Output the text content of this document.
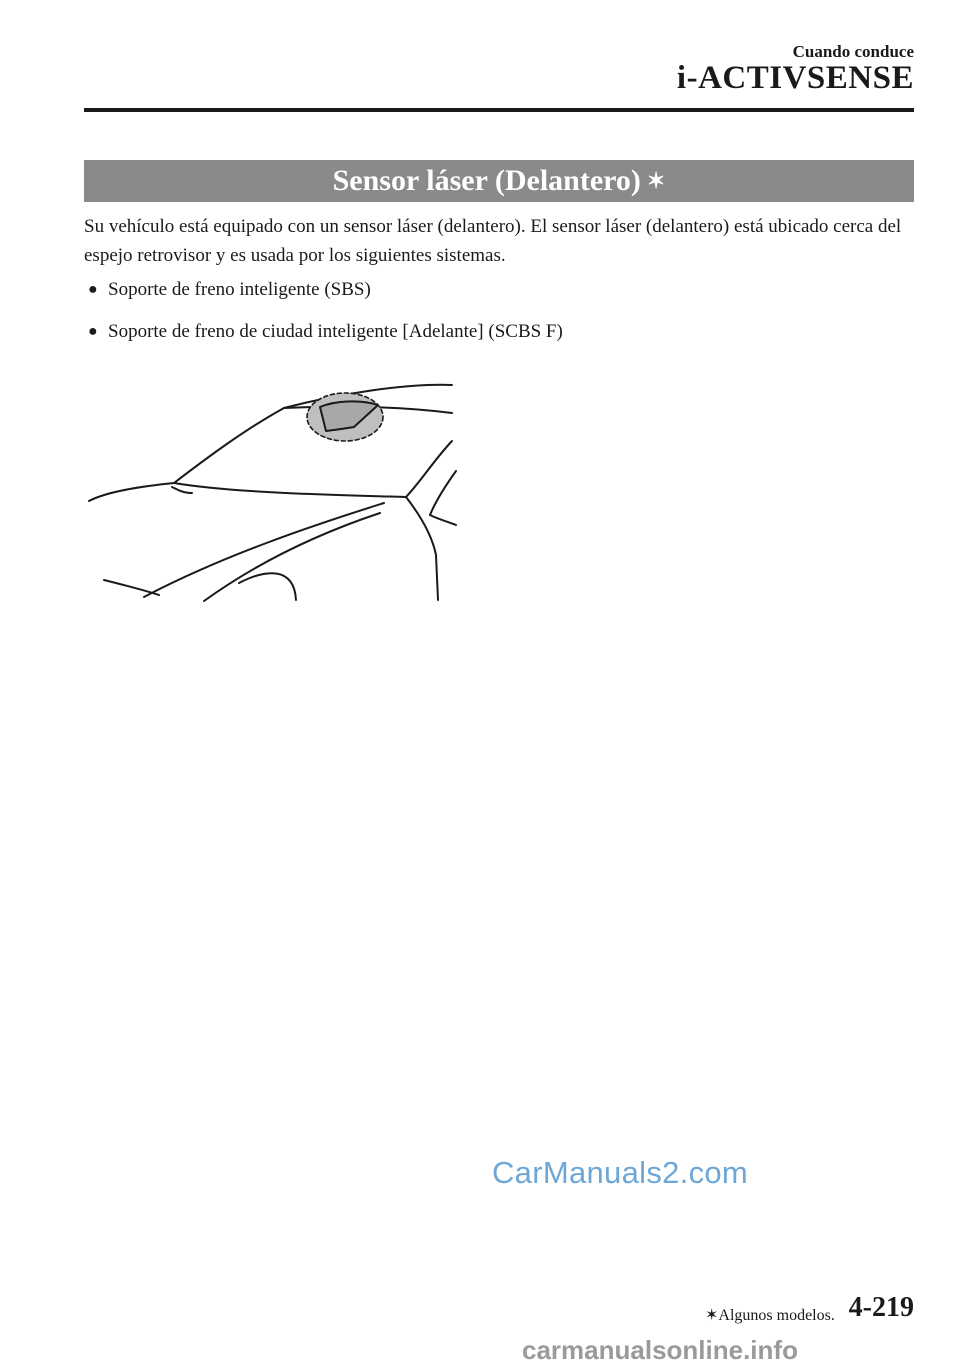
Cuando conduce
i-ACTIVSENSE
Sensor láser (Delantero) ✶
Su vehículo está equipado con un sensor láser (delantero). El sensor láser (delantero) está ubicado cerca del espejo retrovisor y es usada por los siguientes sistemas.
● Soporte de freno inteligente (SBS)
● Soporte de freno de ciudad inteligente [Adelante] (SCBS F)
CarManuals2.com
✶Algunos modelos. 4-219
carmanualsonline.info
